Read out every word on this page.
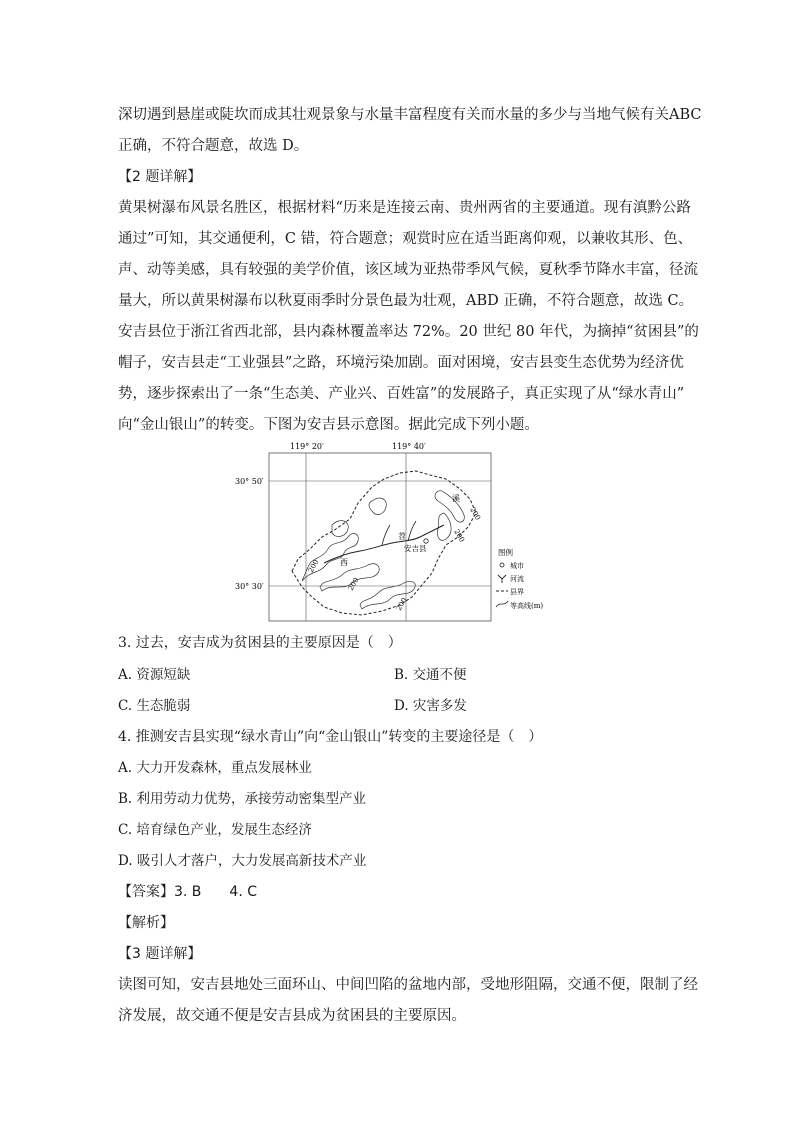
深切遇到悬崖或陡坎而成其壮观景象与水量丰富程度有关而水量的多少与当地气候有关ABC
正确，不符合题意，故选 D。
【2 题详解】
黄果树瀑布风景名胜区，根据材料“历来是连接云南、贵州两省的主要通道。现有滇黔公路
通过”可知，其交通便利，C 错，符合题意；观赏时应在适当距离仰观，以兼收其形、色、
声、动等美感，具有较强的美学价值，该区域为亚热带季风气候，夏秋季节降水丰富，径流
量大，所以黄果树瀑布以秋夏雨季时分景色最为壮观，ABD 正确，不符合题意，故选 C。
安吉县位于浙江省西北部，县内森林覆盖率达 72%。20 世纪 80 年代，为摘掉“贫困县”的
帽子，安吉县走“工业强县”之路，环境污染加剧。面对困境，安吉县变生态优势为经济优
势，逐步探索出了一条“生态美、产业兴、百姓富”的发展路子，真正实现了从“绿水青山”
向“金山银山”的转变。下图为安吉县示意图。据此完成下列小题。
119° 20′	119° 40′
30° 50′
30° 30′
西
苕
溪
安吉县
200
200
200
200
200
图例
城市
河流
县界
等高线(m)
3. 过去，安吉成为贫困县的主要原因是（　）
A. 资源短缺	B. 交通不便
C. 生态脆弱	D. 灾害多发
4. 推测安吉县实现“绿水青山”向“金山银山”转变的主要途径是（　）
A. 大力开发森林，重点发展林业
B. 利用劳动力优势，承接劳动密集型产业
C. 培育绿色产业，发展生态经济
D. 吸引人才落户，大力发展高新技术产业
【答案】3. B　　4. C
【解析】
【3 题详解】
读图可知，安吉县地处三面环山、中间凹陷的盆地内部，受地形阻隔，交通不便，限制了经
济发展，故交通不便是安吉县成为贫困县的主要原因。
